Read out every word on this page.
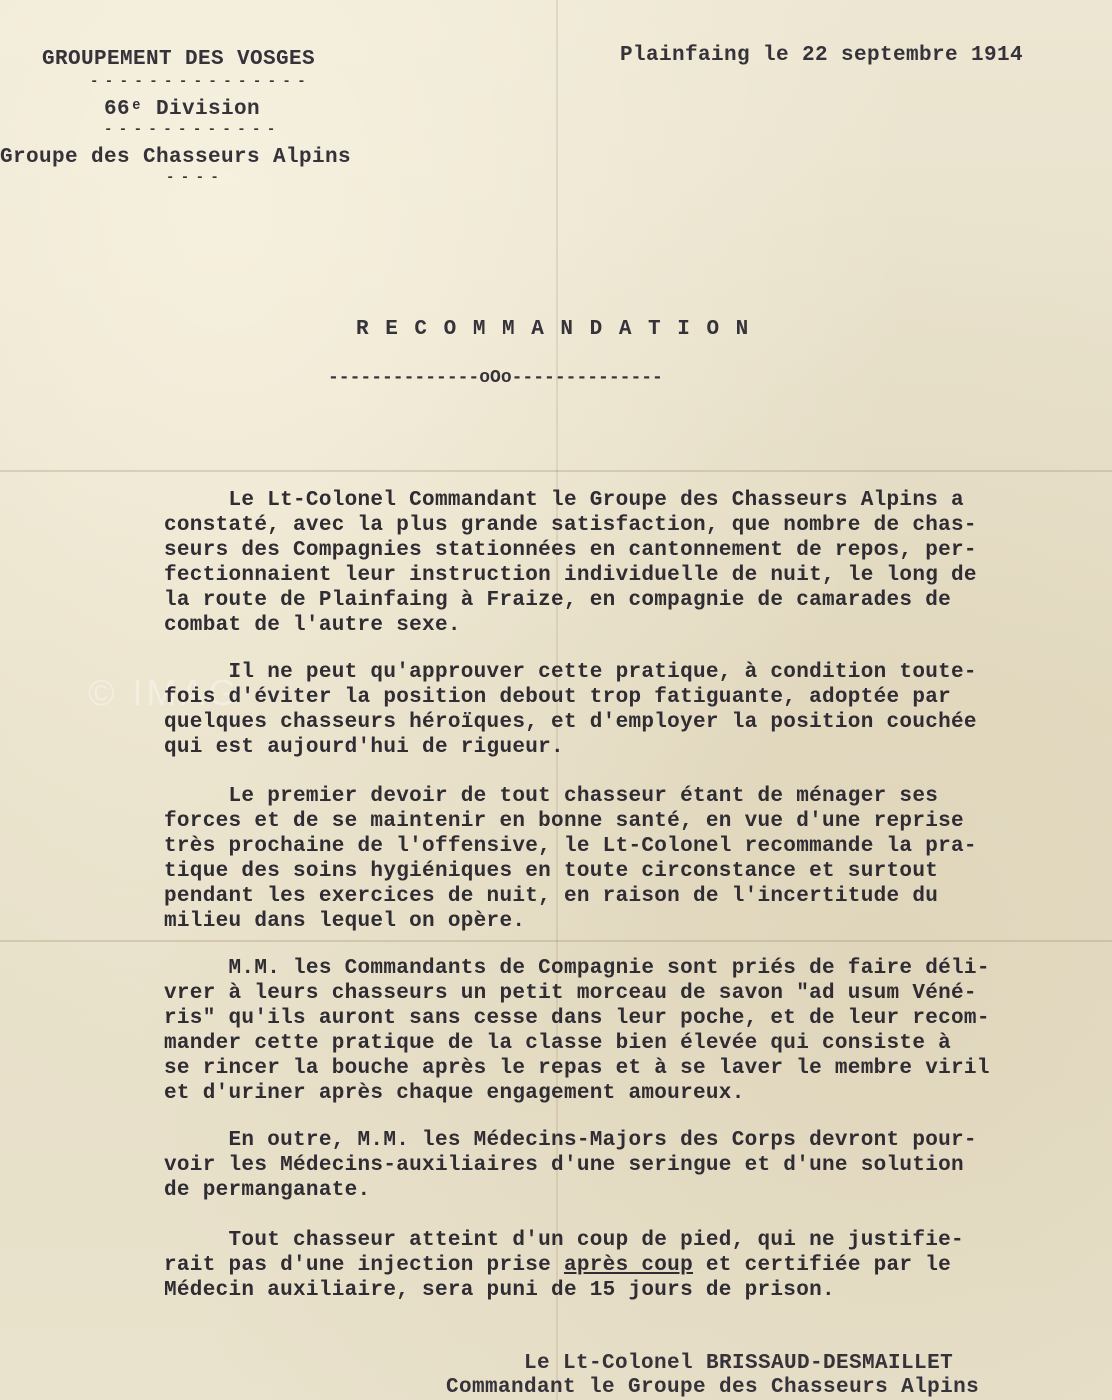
GROUPEMENT DES VOSGES
- - - - - - - - - - - - - - -
66ᵉ Division
- - - - - - - - - - - -
Groupe des Chasseurs Alpins
- - - -
Plainfaing le 22 septembre 1914
R E C O M M A N D A T I O N
--------------oOo--------------
© IMAG
Le Lt-Colonel Commandant le Groupe des Chasseurs Alpins a
constaté, avec la plus grande satisfaction, que nombre de chas-
seurs des Compagnies stationnées en cantonnement de repos, per-
fectionnaient leur instruction individuelle de nuit, le long de
la route de Plainfaing à Fraize, en compagnie de camarades de
combat de l'autre sexe.
Il ne peut qu'approuver cette pratique, à condition toute-
fois d'éviter la position debout trop fatiguante, adoptée par
quelques chasseurs héroïques, et d'employer la position couchée
qui est aujourd'hui de rigueur.
Le premier devoir de tout chasseur étant de ménager ses
forces et de se maintenir en bonne santé, en vue d'une reprise
très prochaine de l'offensive, le Lt-Colonel recommande la pra-
tique des soins hygiéniques en toute circonstance et surtout
pendant les exercices de nuit, en raison de l'incertitude du
milieu dans lequel on opère.
M.M. les Commandants de Compagnie sont priés de faire déli-
vrer à leurs chasseurs un petit morceau de savon "ad usum Véné-
ris" qu'ils auront sans cesse dans leur poche, et de leur recom-
mander cette pratique de la classe bien élevée qui consiste à
se rincer la bouche après le repas et à se laver le membre viril
et d'uriner après chaque engagement amoureux.
En outre, M.M. les Médecins-Majors des Corps devront pour-
voir les Médecins-auxiliaires d'une seringue et d'une solution
de permanganate.
Tout chasseur atteint d'un coup de pied, qui ne justifie-
rait pas d'une injection prise après coup et certifiée par le
Médecin auxiliaire, sera puni de 15 jours de prison.
Le Lt-Colonel BRISSAUD-DESMAILLET
Commandant le Groupe des Chasseurs Alpins
